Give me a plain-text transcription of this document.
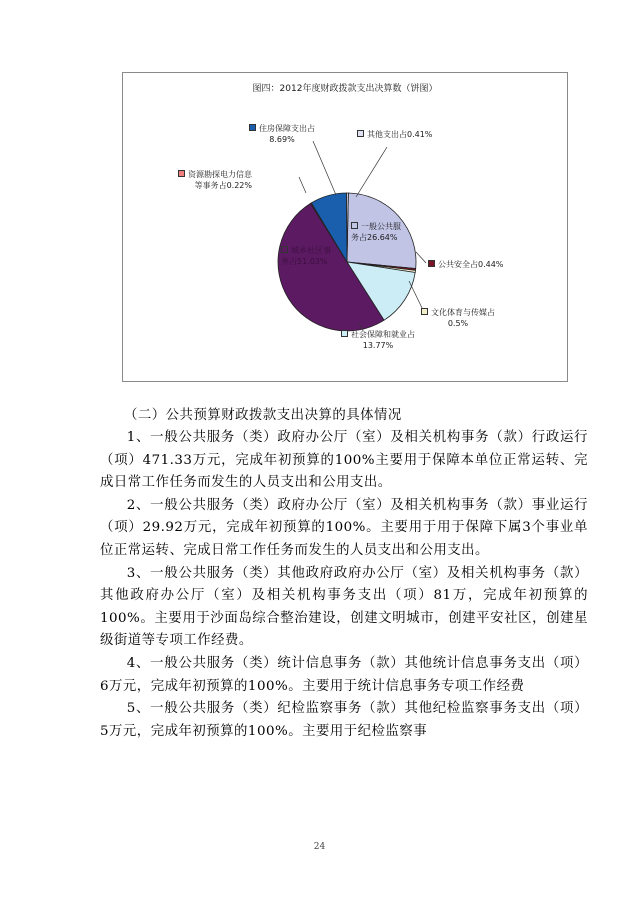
图四：2012年度财政拨款支出决算数（饼图）
一般公共服
务占26.64%
公共安全占0.44%
文化体育与传媒占
0.5%
社会保障和就业占
13.77%
城乡社区事
务占51.03%
资源勘探电力信息
等事务占0.22%
住房保障支出占
8.69%
其他支出占0.41%
（二）公共预算财政拨款支出决算的具体情况

1、一般公共服务（类）政府办公厅（室）及相关机构事务（款）行政运行（项）471.33万元，完成年初预算的100%主要用于保障本单位正常运转、完成日常工作任务而发生的人员支出和公用支出。

2、一般公共服务（类）政府办公厅（室）及相关机构事务（款）事业运行（项）29.92万元，完成年初预算的100%。主要用于用于保障下属3个事业单位正常运转、完成日常工作任务而发生的人员支出和公用支出。

3、一般公共服务（类）其他政府政府办公厅（室）及相关机构事务（款）其他政府办公厅（室）及相关机构事务支出（项）81万，完成年初预算的100%。主要用于沙面岛综合整治建设，创建文明城市，创建平安社区，创建星级街道等专项工作经费。

4、一般公共服务（类）统计信息事务（款）其他统计信息事务支出（项）6万元，完成年初预算的100%。主要用于统计信息事务专项工作经费

5、一般公共服务（类）纪检监察事务（款）其他纪检监察事务支出（项）5万元，完成年初预算的100%。主要用于纪检监察事

24
